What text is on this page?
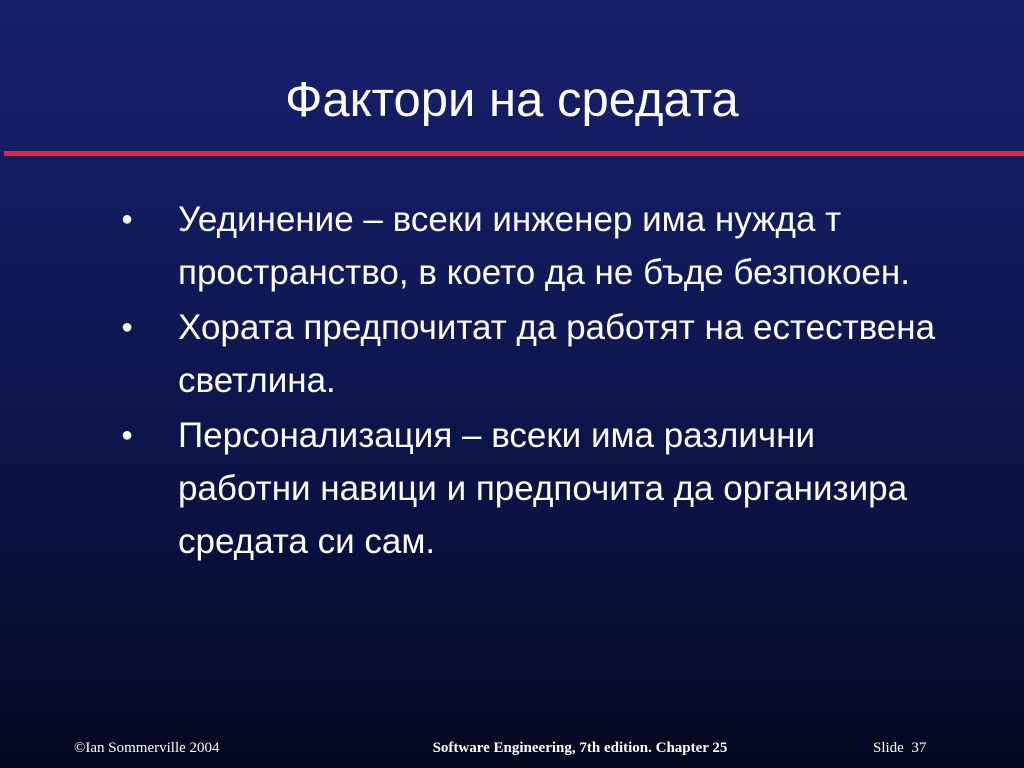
Фактори на средата
● Уединение – всеки инженер има нужда т пространство, в което да не бъде безпокоен.
● Хората предпочитат да работят на естествена светлина.
● Персонализация – всеки има различни работни навици и предпочита да организира средата си сам.
©Ian Sommerville 2004	Software Engineering, 7th edition. Chapter 25	Slide  37
